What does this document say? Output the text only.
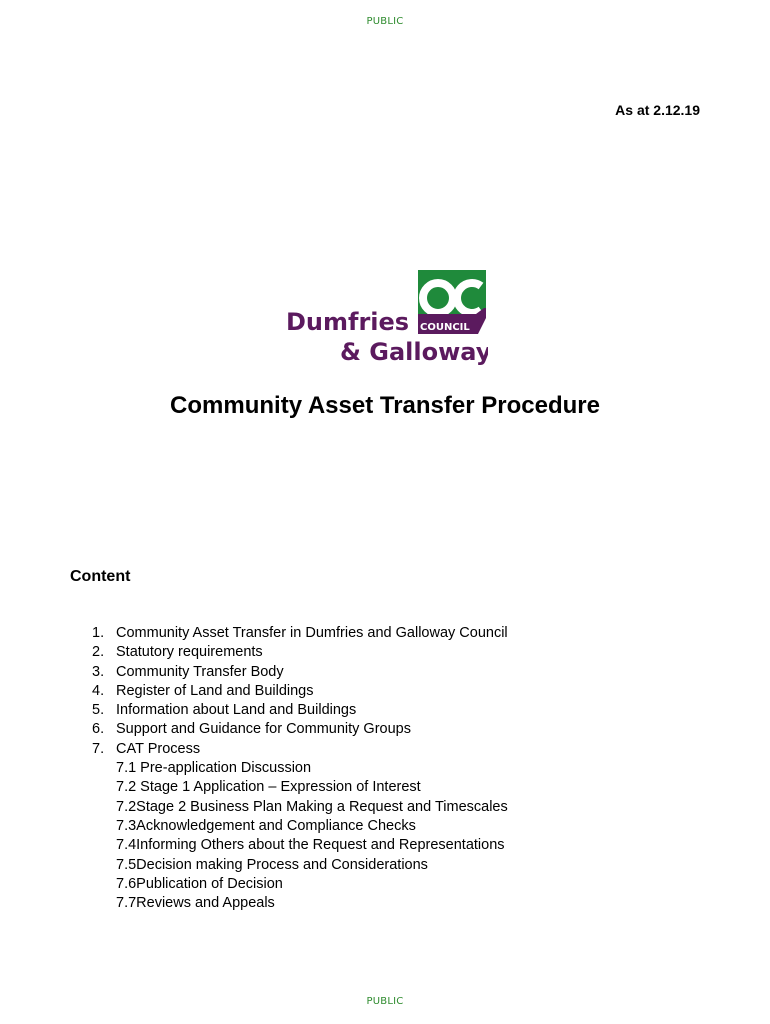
PUBLIC
As at 2.12.19
COUNCIL
Dumfries
& Galloway
Community Asset Transfer Procedure
Content
1. Community Asset Transfer in Dumfries and Galloway Council
2. Statutory requirements
3. Community Transfer Body
4. Register of Land and Buildings
5. Information about Land and Buildings
6. Support and Guidance for Community Groups
7. CAT Process
7.1 Pre-application Discussion
7.2 Stage 1 Application – Expression of Interest
7.2Stage 2 Business Plan Making a Request and Timescales
7.3Acknowledgement and Compliance Checks
7.4Informing Others about the Request and Representations
7.5Decision making Process and Considerations
7.6Publication of Decision
7.7Reviews and Appeals
PUBLIC
